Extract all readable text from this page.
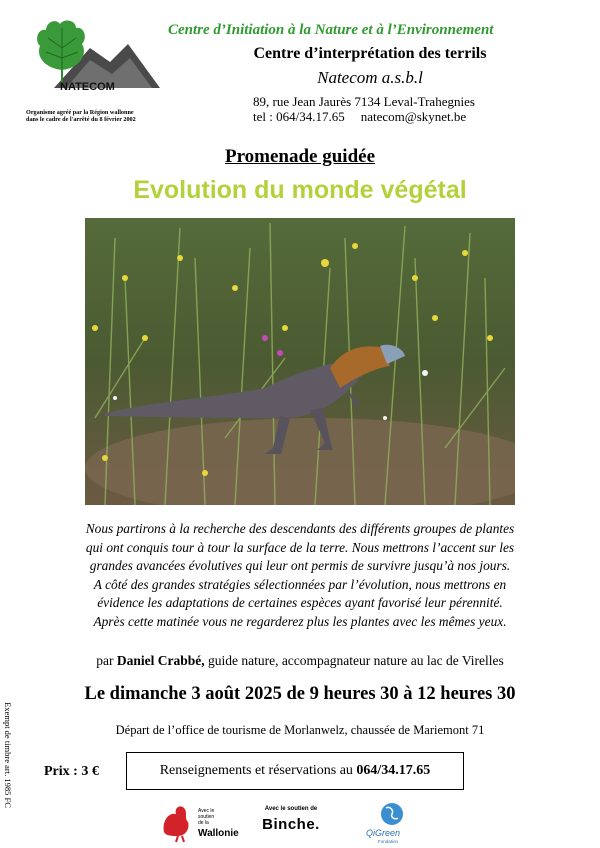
NATECOM
Organisme agréé par la Région wallonne
dans le cadre de l'arrêté du 8 février 2002
Centre d’Initiation à la Nature et à l’Environnement
Centre d’interprétation des terrils
Natecom a.s.b.l
89, rue Jean Jaurès 7134 Leval-Trahegnies
tel : 064/34.17.65 natecom@skynet.be
Promenade guidée
Evolution du monde végétal
Nous partirons à la recherche des descendants des différents groupes de plantes
qui ont conquis tour à tour la surface de la terre. Nous mettrons l’accent sur les
grandes avancées évolutives qui leur ont permis de survivre jusqu’à nos jours.
A côté des grandes stratégies sélectionnées par l’évolution, nous mettrons en
évidence les adaptations de certaines espèces ayant favorisé leur pérennité.
Après cette matinée vous ne regarderez plus les plantes avec les mêmes yeux.
par Daniel Crabbé, guide nature, accompagnateur nature au lac de Virelles
Le dimanche 3 août 2025 de 9 heures 30 à 12 heures 30
Départ de l’office de tourisme de Morlanwelz, chaussée de Mariemont 71
Prix : 3 €	Renseignements et réservations au 064/34.17.65
Exempt de timbre art. 1985 FC
Avec le
soutien
de la
Wallonie
Avec le soutien de
Binche.	QiGreen
Fondation
